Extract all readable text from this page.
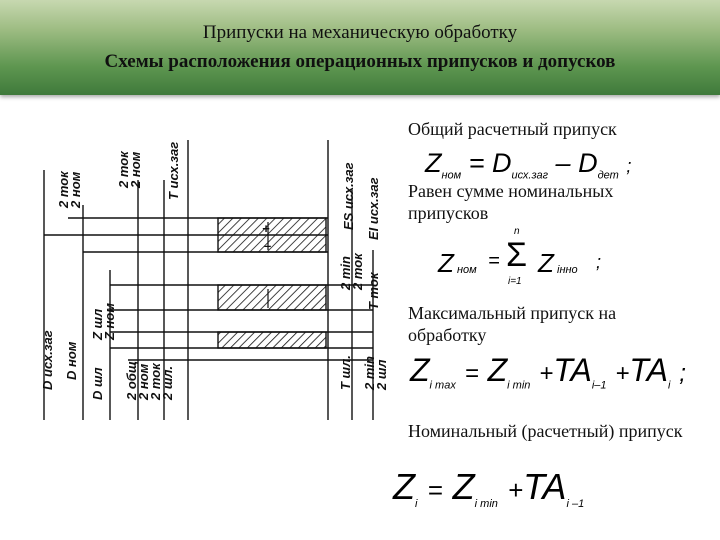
Припуски на механическую обработку
Схемы расположения операционных припусков и допусков
+
–
2 ток
2 ном
2 ток
2 ном T исх.заг	ES исх.заг EI исх.заг
D исх.заг D ном
D шл
Z шл
Z ном
2 общ
2 ном
2 ток
2 шл.
2 min
2 ток
T ток
T шл. 2 min
2 шл
Общий расчетный припуск
$Z_{ном} = D_{исх.заг} - D_{дет}$ ;
Равен сумме номинальных припусков
Z ном =
n
Σ
i=1
Z iнно ;
Максимальный припуск на обработку
$Z_{i max} = Z_{i min} +TA_{i-1} +TA_i$ ;
Номинальный (расчетный) припуск
$Z_i = Z_{i min} +TA_{i -1}$
